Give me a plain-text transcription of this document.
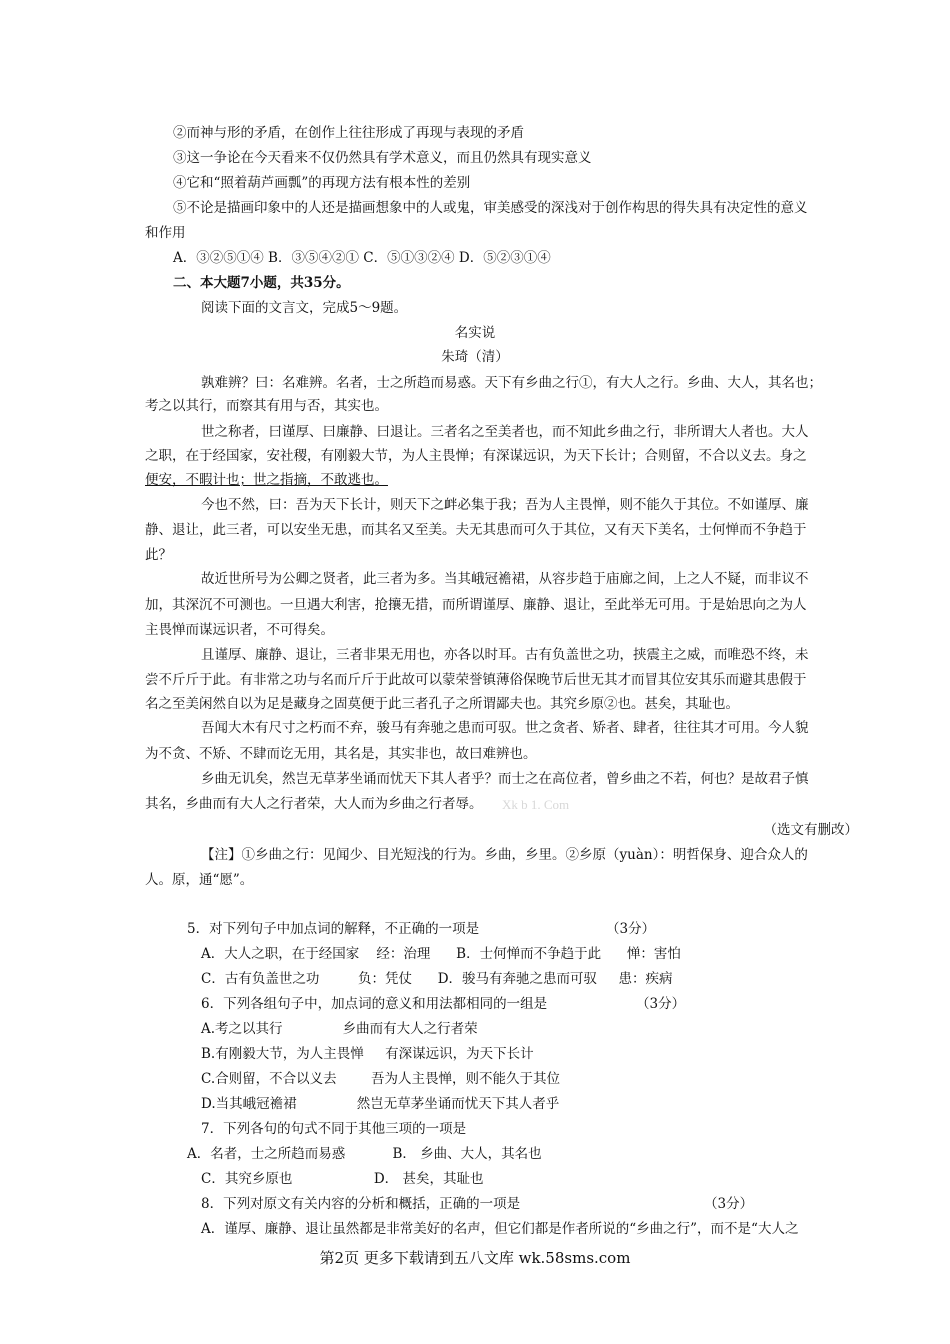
②而神与形的矛盾，在创作上往往形成了再现与表现的矛盾
③这一争论在今天看来不仅仍然具有学术意义，而且仍然具有现实意义
④它和“照着葫芦画瓢”的再现方法有根本性的差别
⑤不论是描画印象中的人还是描画想象中的人或鬼，审美感受的深浅对于创作构思的得失具有决定性的意义
和作用
A．③②⑤①④ B．③⑤④②① C．⑤①③②④ D．⑤②③①④
二、本大题7小题，共35分。
阅读下面的文言文，完成5～9题。
名实说
朱琦（清）
孰难辨？曰：名难辨。名者，士之所趋而易惑。天下有乡曲之行①，有大人之行。乡曲、大人，其名也；
考之以其行，而察其有用与否，其实也。
世之称者，曰谨厚、曰廉静、曰退让。三者名之至美者也，而不知此乡曲之行，非所谓大人者也。大人
之职，在于经国家，安社稷，有刚毅大节，为人主畏惮；有深谋远识，为天下长计；合则留，不合以义去。身之
便安，不暇计也；世之指摘，不敢逃也。
今也不然，曰：吾为天下长计，则天下之衅必集于我；吾为人主畏惮，则不能久于其位。不如谨厚、廉
静、退让，此三者，可以安坐无患，而其名又至美。夫无其患而可久于其位，又有天下美名，士何惮而不争趋于
此？
故近世所号为公卿之贤者，此三者为多。当其峨冠襜裙，从容步趋于庙廊之间，上之人不疑，而非议不
加，其深沉不可测也。一旦遇大利害，抢攘无措，而所谓谨厚、廉静、退让，至此举无可用。于是始思向之为人
主畏惮而谋远识者，不可得矣。
且谨厚、廉静、退让，三者非果无用也，亦各以时耳。古有负盖世之功，挟震主之威，而唯恐不终，未
尝不斤斤于此。有非常之功与名而斤斤于此故可以蒙荣誉镇薄俗保晚节后世无其才而冒其位安其乐而避其患假于
名之至美闲然自以为足是藏身之固莫便于此三者孔子之所谓鄙夫也。其究乡原②也。甚矣，其耻也。
吾闻大木有尺寸之朽而不弃，骏马有奔驰之患而可驭。世之贪者、矫者、肆者，往往其才可用。今人貌
为不贪、不矫、不肆而讫无用，其名是，其实非也，故曰难辨也。
乡曲无讥矣，然岂无草茅坐诵而忧天下其人者乎？而士之在高位者，曾乡曲之不若，何也？是故君子慎
其名，乡曲而有大人之行者荣，大人而为乡曲之行者辱。 Xk b 1. Com
（选文有删改）
【注】①乡曲之行：见闻少、目光短浅的行为。乡曲，乡里。②乡原（yuàn）：明哲保身、迎合众人的
人。原，通“愿”。
5．对下列句子中加点词的解释，不正确的一项是	（3分）
A．大人之职，在于经国家    经：治理      B．士何惮而不争趋于此      惮：害怕
C．古有负盖世之功         负：凭仗      D．骏马有奔驰之患而可驭     患：疾病
6．下列各组句子中，加点词的意义和用法都相同的一组是	（3分）
A.考之以其行              乡曲而有大人之行者荣
B.有刚毅大节，为人主畏惮     有深谋远识，为天下长计
C.合则留，不合以义去        吾为人主畏惮，则不能久于其位
D.当其峨冠襜裙              然岂无草茅坐诵而忧天下其人者乎
7．下列各句的句式不同于其他三项的一项是
A．名者，士之所趋而易惑           B． 乡曲、大人，其名也
C．其究乡原也                   D． 甚矣，其耻也
8．下列对原文有关内容的分析和概括，正确的一项是	（3分）
A．谨厚、廉静、退让虽然都是非常美好的名声，但它们都是作者所说的“乡曲之行”，而不是“大人之
第2页 更多下载请到五八文库 wk.58sms.com
